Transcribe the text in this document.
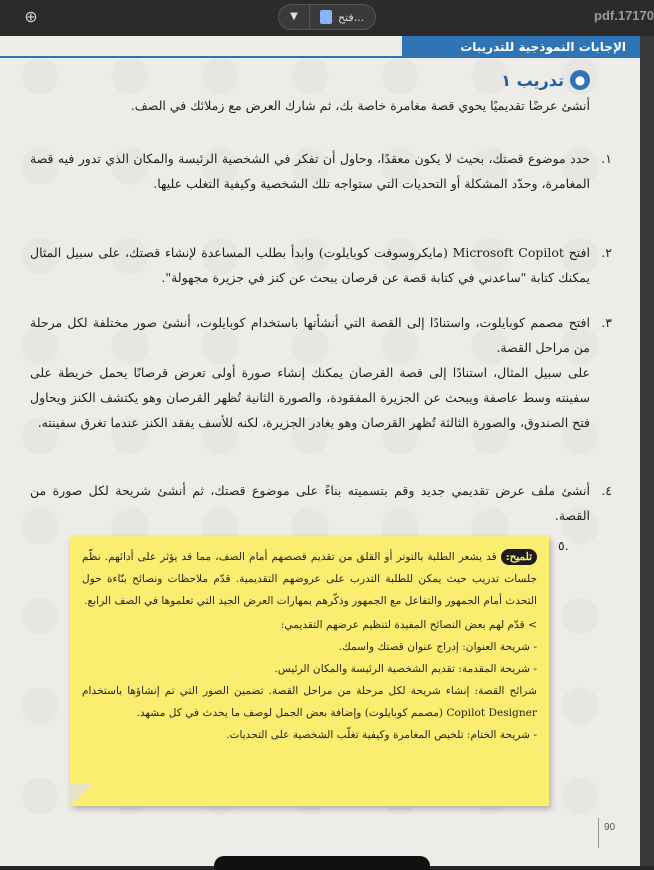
⊕	▼	فتح...	pdf.17170
الإجابات النموذجية للتدريبات
●
تدريب ١
أنشئ عرضًا تقديميًا يحوي قصة مغامرة خاصة بك، ثم شارك العرض مع زملائك في الصف.
١.

حدد موضوع قصتك، بحيث لا يكون معقدًا، وحاول أن تفكر في الشخصية الرئيسة والمكان الذي تدور فيه قصة المغامرة، وحدّد المشكلة أو التحديات التي ستواجه تلك الشخصية وكيفية التغلب عليها.

٢.

افتح Microsoft Copilot (مايكروسوفت كوبايلوت) وابدأ بطلب المساعدة لإنشاء قصتك، على سبيل المثال يمكنك كتابة "ساعدني في كتابة قصة عن قرصان يبحث عن كنز في جزيرة مجهولة".

٣.

افتح مصمم كوبايلوت، واستنادًا إلى القصة التي أنشأتها باستخدام كوبايلوت، أنشئ صور مختلفة لكل مرحلة من مراحل القصة.

على سبيل المثال، استنادًا إلى قصة القرصان يمكنك إنشاء صورة أولى تعرض قرصانًا يحمل خريطة على سفينته وسط عاصفة ويبحث عن الجزيرة المفقودة، والصورة الثانية تُظهر القرصان وهو يكتشف الكنز ويحاول فتح الصندوق، والصورة الثالثة تُظهر القرصان وهو يغادر الجزيرة، لكنه للأسف يفقد الكنز عندما تغرق سفينته.

٤.

أنشئ ملف عرض تقديمي جديد وقم بتسميته بناءً على موضوع قصتك، ثم أنشئ شريحة لكل صورة من القصة.

٥.

تلميح:قد يشعر الطلبة بالتوتر أو القلق من تقديم قصصهم أمام الصف، مما قد يؤثر على أدائهم. نظّم جلسات تدريب حيث يمكن للطلبة التدرب على عروضهم التقديمية. قدّم ملاحظات ونصائح بنّاءة حول التحدث أمام الجمهور والتفاعل مع الجمهور وذكّرهم بمهارات العرض الجيد التي تعلموها في الصف الرابع.

> قدّم لهم بعض النصائح المفيدة لتنظيم عرضهم التقديمي:

- شريحة العنوان: إدراج عنوان قصتك واسمك.

- شريحة المقدمة: تقديم الشخصية الرئيسة والمكان الرئيس.

شرائح القصة: إنشاء شريحة لكل مرحلة من مراحل القصة. تضمين الصور التي تم إنشاؤها باستخدام Copilot Designer (مصمم كوبايلوت) وإضافة بعض الجمل لوصف ما يحدث في كل مشهد.

- شريحة الختام: تلخيص المغامرة وكيفية تغلّب الشخصية على التحديات.

90
